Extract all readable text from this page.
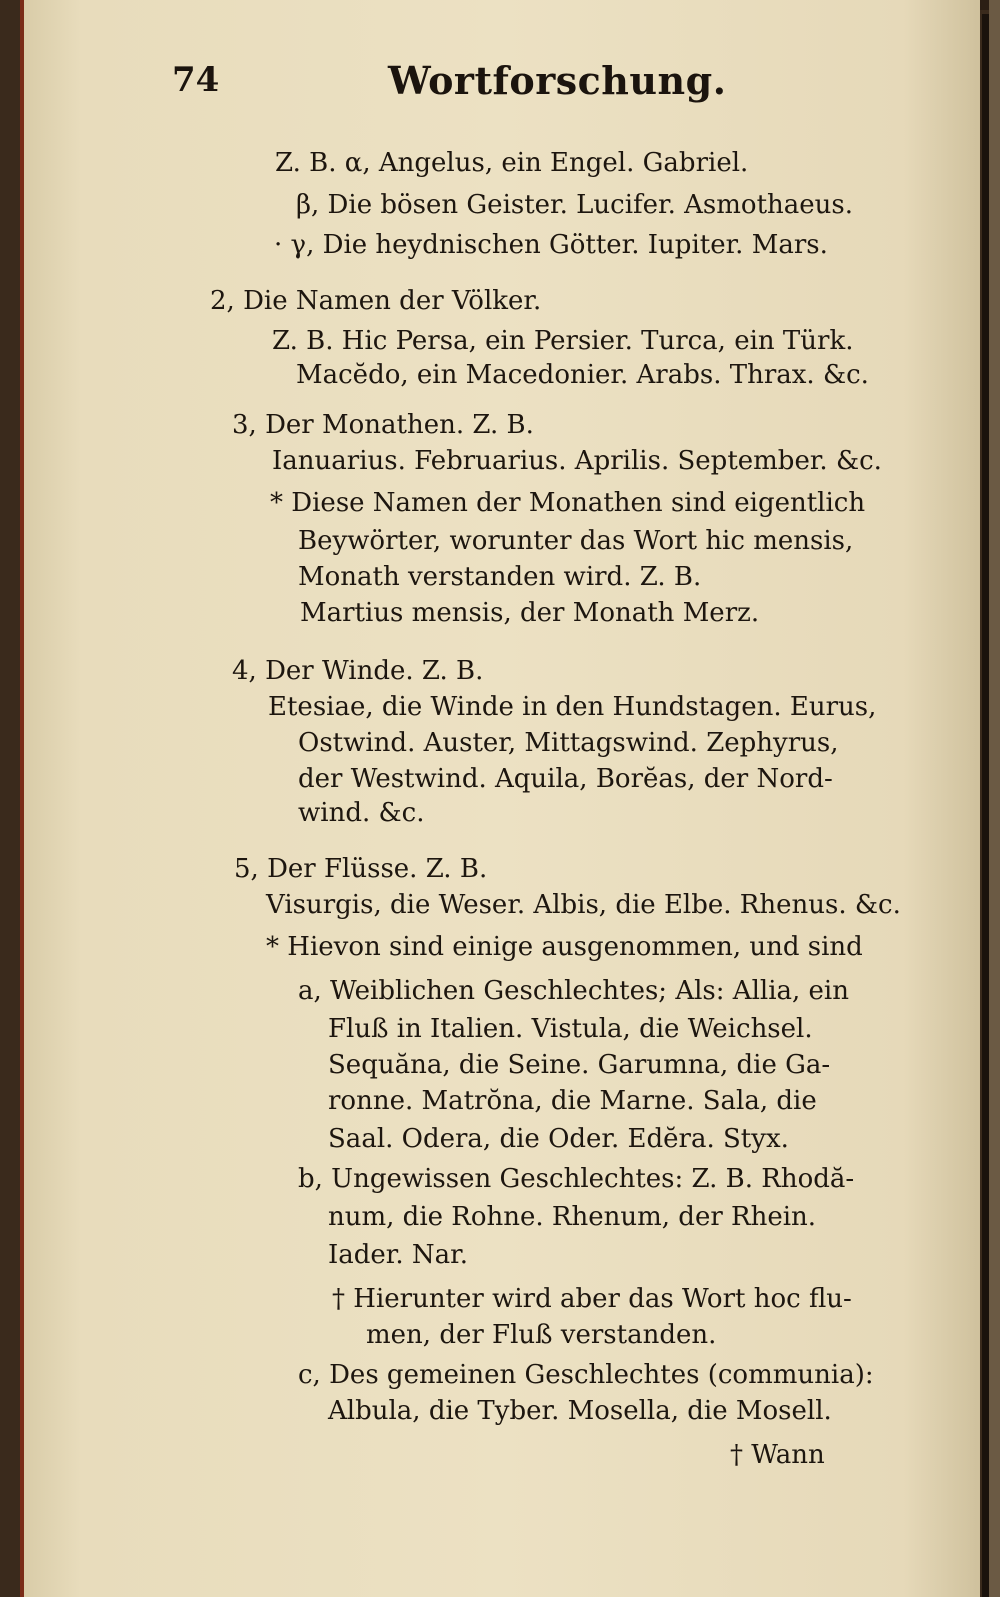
74	Wortforschung.
Z. B. α, Angelus, ein Engel. Gabriel.
β, Die bösen Geister. Lucifer. Asmothaeus.
· γ, Die heydnischen Götter. Iupiter. Mars.
2, Die Namen der Völker.
Z. B. Hic Persa, ein Persier. Turca, ein Türk.
Macĕdo, ein Macedonier. Arabs. Thrax. &c.
3, Der Monathen. Z. B.
Ianuarius. Februarius. Aprilis. September. &c.
* Diese Namen der Monathen sind eigentlich
Beywörter, worunter das Wort hic mensis,
Monath verstanden wird. Z. B.
Martius mensis, der Monath Merz.
4, Der Winde. Z. B.
Etesiae, die Winde in den Hundstagen. Eurus,
Ostwind. Auster, Mittagswind. Zephyrus,
der Westwind. Aquila, Borĕas, der Nord-
wind. &c.
5, Der Flüsse. Z. B.
Visurgis, die Weser. Albis, die Elbe. Rhenus. &c.
* Hievon sind einige ausgenommen, und sind
a, Weiblichen Geschlechtes; Als: Allia, ein
Fluß in Italien. Vistula, die Weichsel.
Sequăna, die Seine. Garumna, die Ga-
ronne. Matrŏna, die Marne. Sala, die
Saal. Odera, die Oder. Edĕra. Styx.
b, Ungewissen Geschlechtes: Z. B. Rhodă-
num, die Rohne. Rhenum, der Rhein.
Iader. Nar.
† Hierunter wird aber das Wort hoc flu-
men, der Fluß verstanden.
c, Des gemeinen Geschlechtes (communia):
Albula, die Tyber. Mosella, die Mosell.
† Wann
